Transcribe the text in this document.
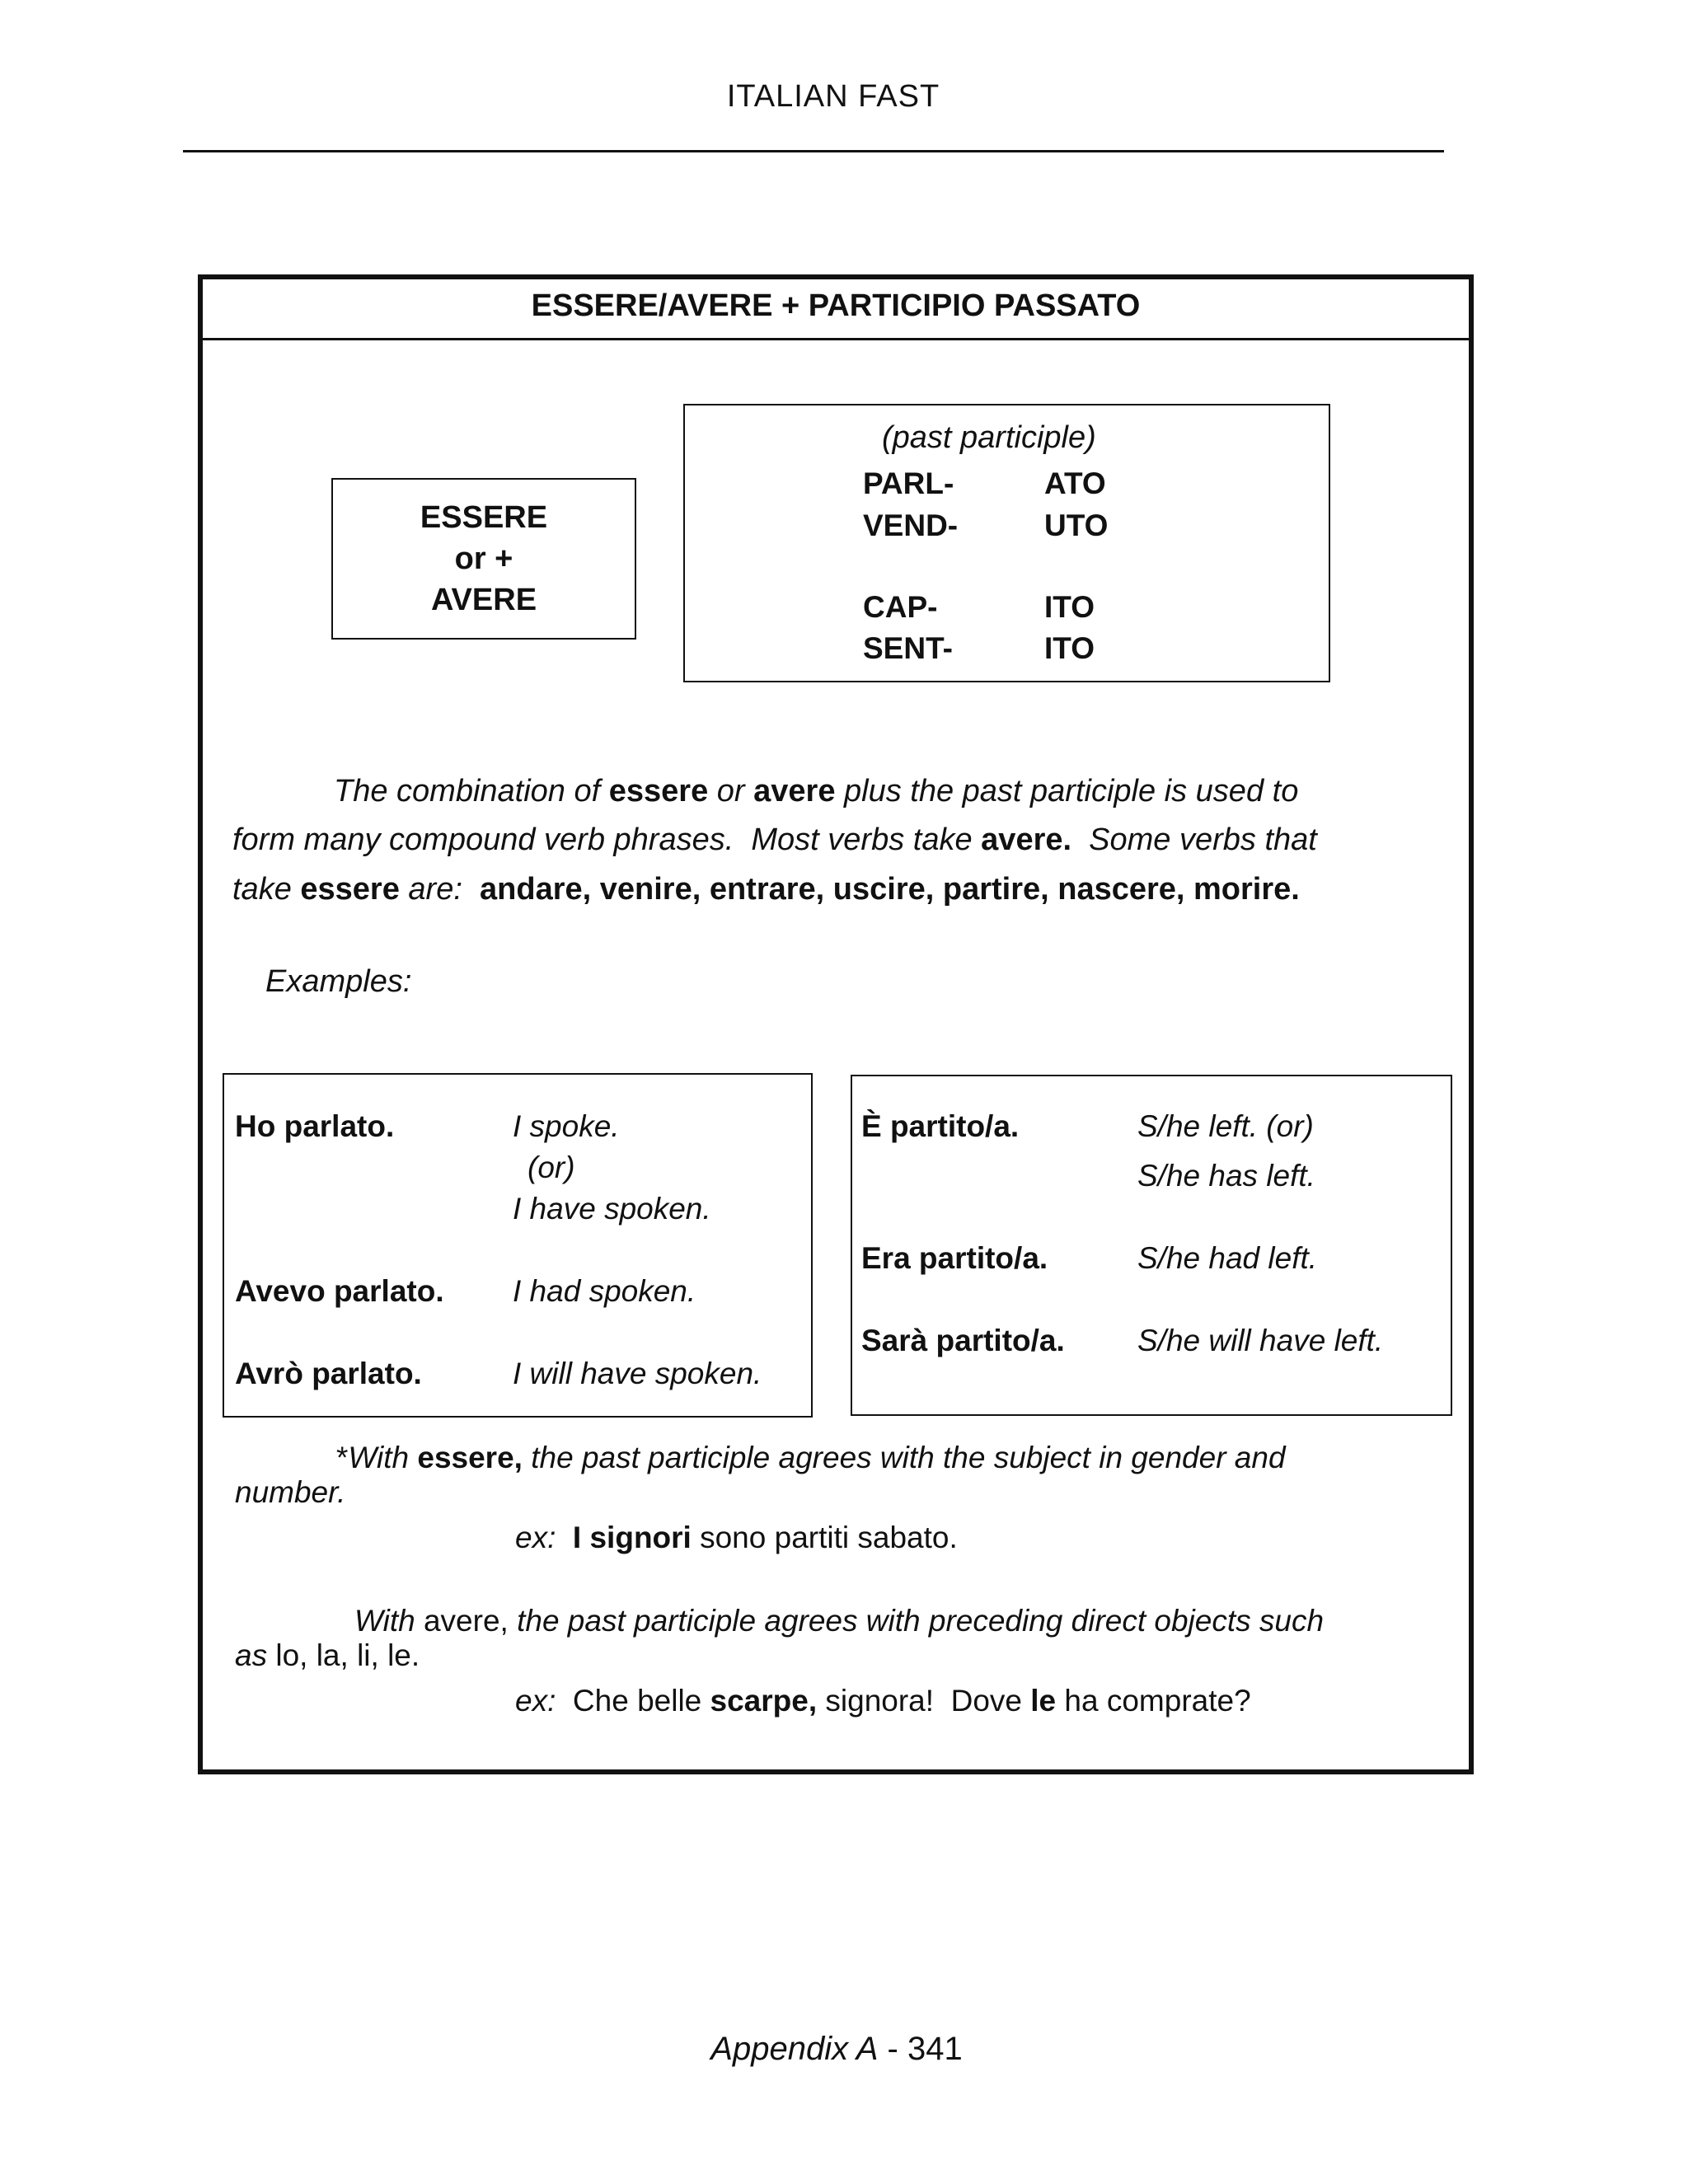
ITALIAN FAST
ESSERE/AVERE + PARTICIPIO PASSATO
ESSERE
or +
AVERE
(past participle)
PARL-	ATO
VEND-	UTO
CAP-	ITO
SENT-	ITO
The combination of essere or avere plus the past participle is used to
form many compound verb phrases.  Most verbs take avere.  Some verbs that
take essere are:  andare, venire, entrare, uscire, partire, nascere, morire.
Examples:
Ho parlato.	I spoke.
(or)
I have spoken.
Avevo parlato. I had spoken.
Avrò parlato.	I will have spoken.
È partito/a.	S/he left. (or)
S/he has left.
Era partito/a.	S/he had left.
Sarà partito/a. S/he will have left.
*With essere, the past participle agrees with the subject in gender and
number.
ex:  I signori sono partiti sabato.
With avere, the past participle agrees with preceding direct objects such
as lo, la, li, le.
ex:  Che belle scarpe, signora!  Dove le ha comprate?
Appendix A - 341
